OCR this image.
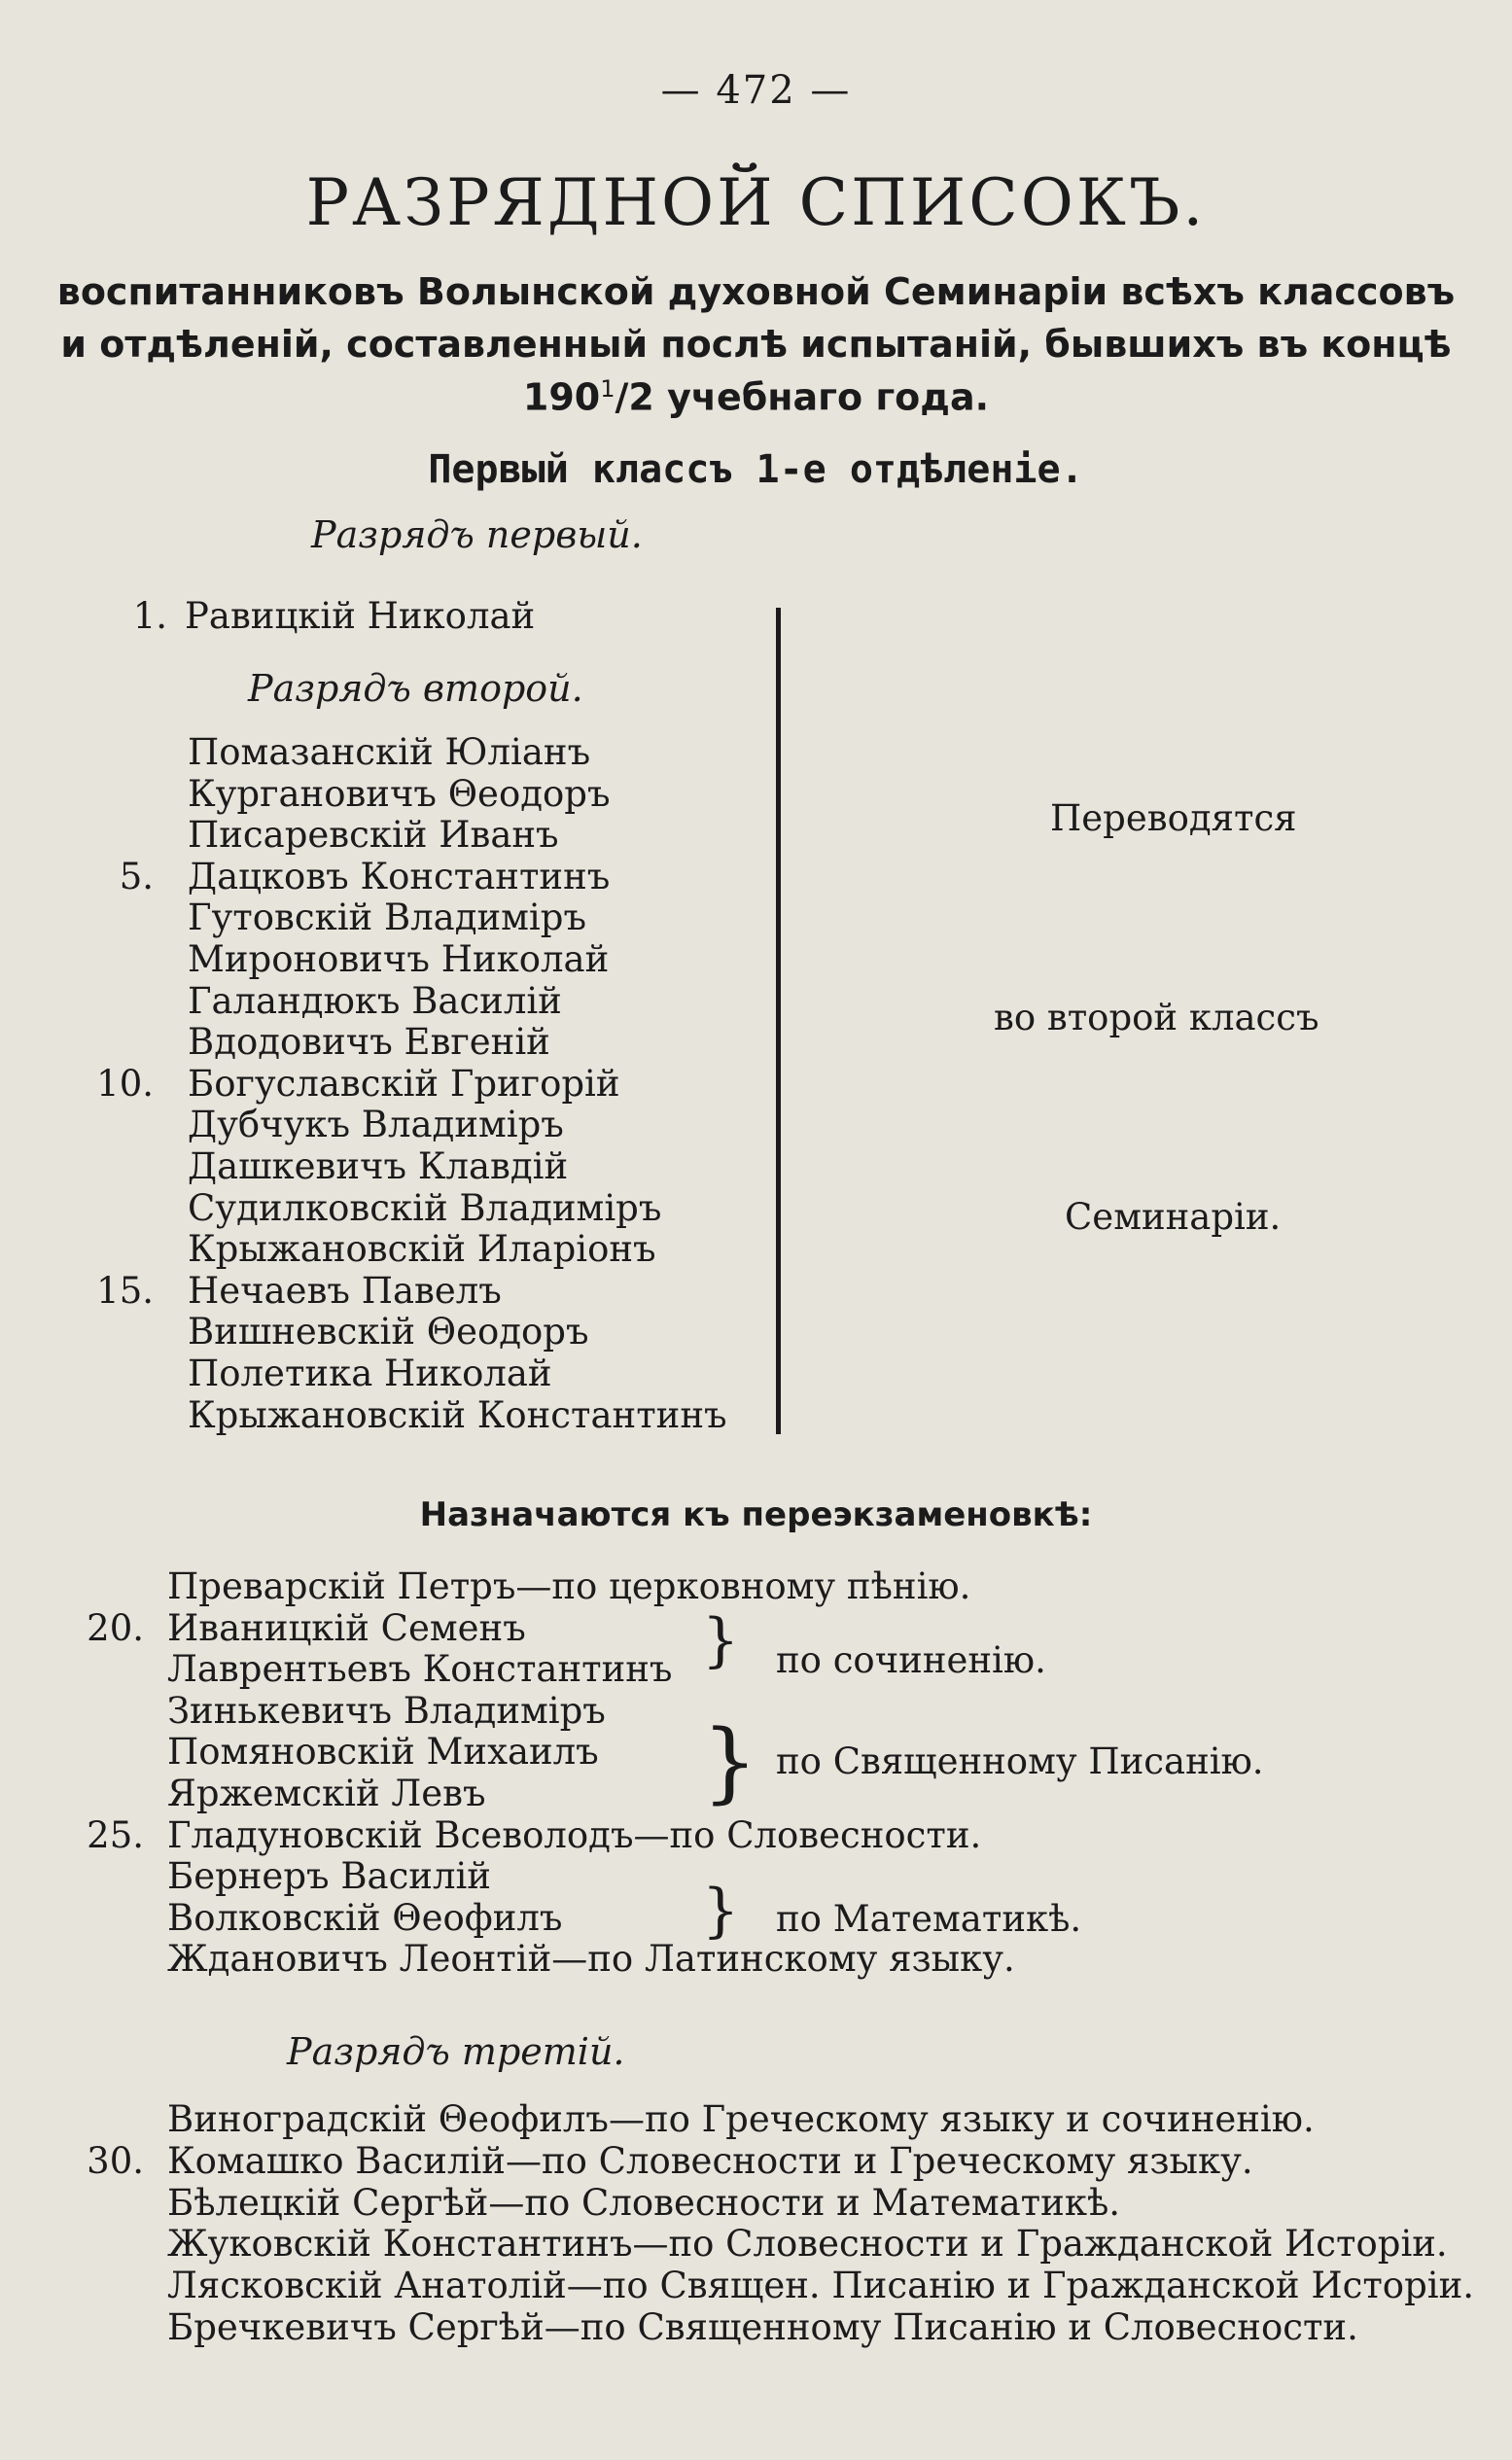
— 472 —
РАЗРЯДНОЙ СПИСОКЪ.
воспитанниковъ Волынской духовной Семинаріи всѣхъ классовъ
и отдѣленій, составленный послѣ испытаній, бывшихъ въ концѣ
$190^1/2$ учебнаго года.
Первый классъ 1-е отдѣленіе.
Разрядъ первый.
1. Равицкій Николай
Разрядъ второй.
Помазанскій Юліанъ
Кургановичъ Θеодоръ
Писаревскій Иванъ
5. Дацковъ Константинъ
Гутовскій Владиміръ
Мироновичъ Николай
Галандюкъ Василій
Вдодовичъ Евгеній
10. Богуславскій Григорій
Дубчукъ Владиміръ
Дашкевичъ Клавдій
Судилковскій Владиміръ
Крыжановскій Иларіонъ
15. Нечаевъ Павелъ
Вишневскій Θеодоръ
Полетика Николай
Крыжановскій Константинъ
Переводятся
во второй классъ
Семинаріи.
Назначаются къ переэкзаменовкѣ:
Преварскій Петръ—по церковному пѣнію.
20. Иваницкій Семенъ
Лаврентьевъ Константинъ
Зинькевичъ Владиміръ
Помяновскій Михаилъ
Яржемскій Левъ
25. Гладуновскій Всеволодъ—по Словесности.
Бернеръ Василій
Волковскій Θеофилъ
Ждановичъ Леонтій—по Латинскому языку.
} по сочиненію.
} по Священному Писанію.
} по Математикѣ.
Разрядъ третій.
Виноградскій Θеофилъ—по Греческому языку и сочиненію.
30. Комашко Василій—по Словесности и Греческому языку.
Бѣлецкій Сергѣй—по Словесности и Математикѣ.
Жуковскій Константинъ—по Словесности и Гражданской Исторіи.
Лясковскій Анатолій—по Священ. Писанію и Гражданской Исторіи.
Бречкевичъ Сергѣй—по Священному Писанію и Словесности.
